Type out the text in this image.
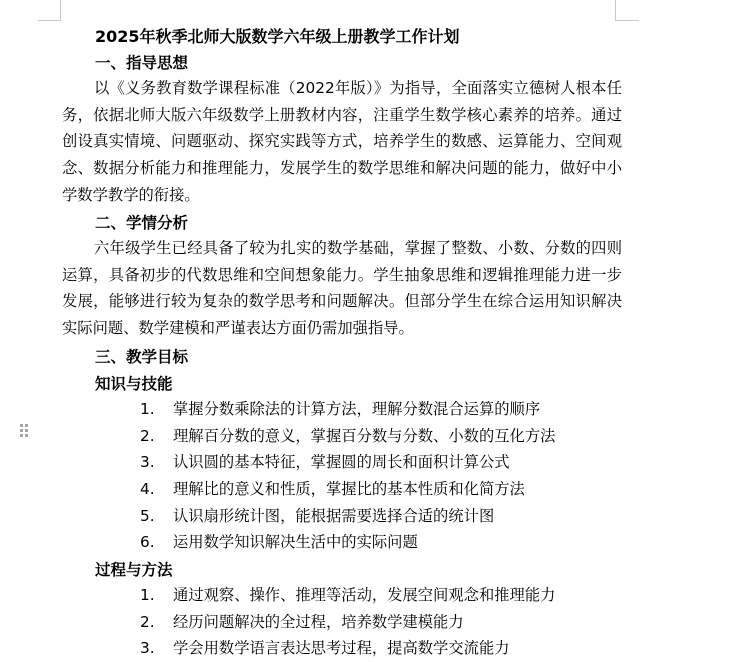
2025年秋季北师大版数学六年级上册教学工作计划
一、指导思想
以《义务教育数学课程标准（2022年版）》为指导，全面落实立德树人根本任务，依据北师大版六年级数学上册教材内容，注重学生数学核心素养的培养。通过创设真实情境、问题驱动、探究实践等方式，培养学生的数感、运算能力、空间观念、数据分析能力和推理能力，发展学生的数学思维和解决问题的能力，做好中小学数学教学的衔接。
二、学情分析
六年级学生已经具备了较为扎实的数学基础，掌握了整数、小数、分数的四则运算，具备初步的代数思维和空间想象能力。学生抽象思维和逻辑推理能力进一步发展，能够进行较为复杂的数学思考和问题解决。但部分学生在综合运用知识解决实际问题、数学建模和严谨表达方面仍需加强指导。
三、教学目标
知识与技能
1.	掌握分数乘除法的计算方法，理解分数混合运算的顺序
2.	理解百分数的意义，掌握百分数与分数、小数的互化方法
3.	认识圆的基本特征，掌握圆的周长和面积计算公式
4.	理解比的意义和性质，掌握比的基本性质和化简方法
5.	认识扇形统计图，能根据需要选择合适的统计图
6.	运用数学知识解决生活中的实际问题
过程与方法
1.	通过观察、操作、推理等活动，发展空间观念和推理能力
2.	经历问题解决的全过程，培养数学建模能力
3.	学会用数学语言表达思考过程，提高数学交流能力
